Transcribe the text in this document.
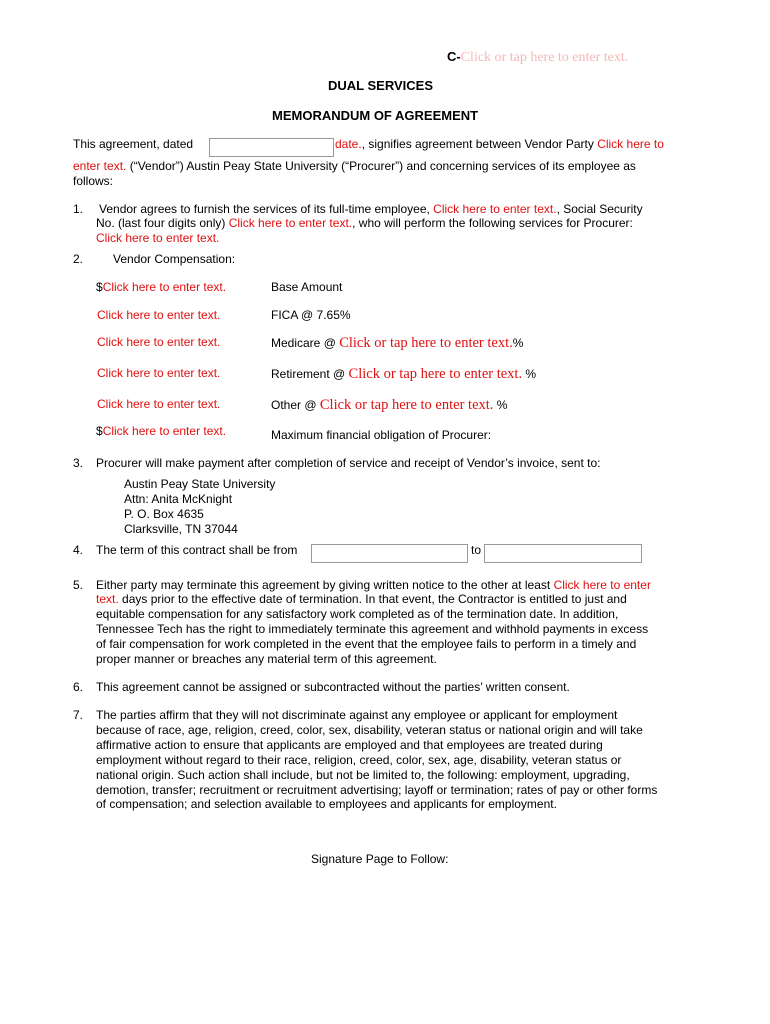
C-Click or tap here to enter text.
DUAL SERVICES
MEMORANDUM OF AGREEMENT
This agreement, dated	date., signifies agreement between Vendor Party Click here to
enter text. (“Vendor”) Austin Peay State University (“Procurer”) and concerning services of its employee as
follows:
1. Vendor agrees to furnish the services of its full-time employee, Click here to enter text., Social Security
No. (last four digits only) Click here to enter text., who will perform the following services for Procurer:
Click here to enter text.
2. Vendor Compensation:
$Click here to enter text.	Base Amount
Click here to enter text.	FICA @ 7.65%
Click here to enter text.	Medicare @ Click or tap here to enter text.%
Click here to enter text.	Retirement @ Click or tap here to enter text. %
Click here to enter text.	Other @ Click or tap here to enter text. %
$Click here to enter text.	Maximum financial obligation of Procurer:
3. Procurer will make payment after completion of service and receipt of Vendor’s invoice, sent to:
Austin Peay State University
Attn: Anita McKnight
P. O. Box 4635
Clarksville, TN 37044
4. The term of this contract shall be from	to
5. Either party may terminate this agreement by giving written notice to the other at least Click here to enter
text. days prior to the effective date of termination. In that event, the Contractor is entitled to just and
equitable compensation for any satisfactory work completed as of the termination date. In addition,
Tennessee Tech has the right to immediately terminate this agreement and withhold payments in excess
of fair compensation for work completed in the event that the employee fails to perform in a timely and
proper manner or breaches any material term of this agreement.
6. This agreement cannot be assigned or subcontracted without the parties’ written consent.
7. The parties affirm that they will not discriminate against any employee or applicant for employment
because of race, age, religion, creed, color, sex, disability, veteran status or national origin and will take
affirmative action to ensure that applicants are employed and that employees are treated during
employment without regard to their race, religion, creed, color, sex, age, disability, veteran status or
national origin. Such action shall include, but not be limited to, the following: employment, upgrading,
demotion, transfer; recruitment or recruitment advertising; layoff or termination; rates of pay or other forms
of compensation; and selection available to employees and applicants for employment.
Signature Page to Follow:
